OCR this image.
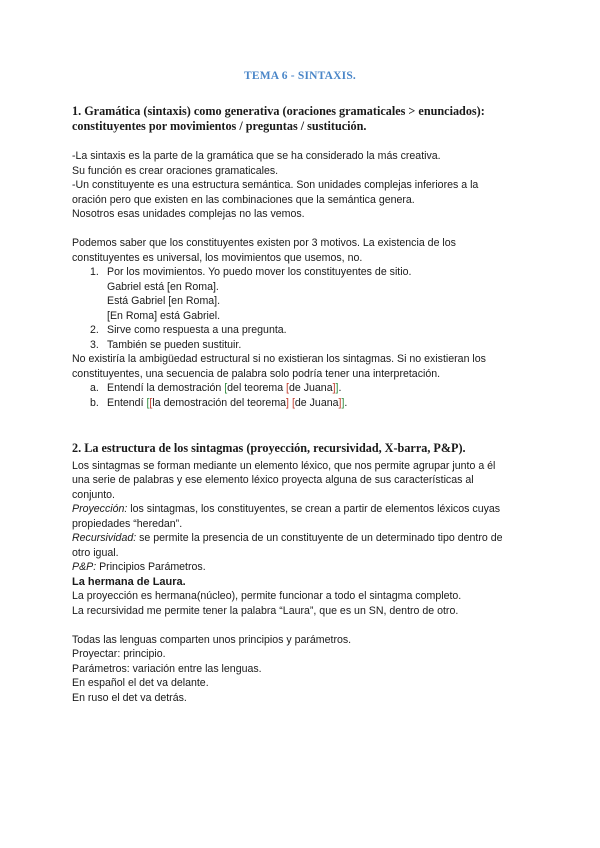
TEMA 6 - SINTAXIS.
1. Gramática (sintaxis) como generativa (oraciones gramaticales > enunciados):
constituyentes por movimientos / preguntas / sustitución.
-La sintaxis es la parte de la gramática que se ha considerado la más creativa.
Su función es crear oraciones gramaticales.
-Un constituyente es una estructura semántica. Son unidades complejas inferiores a la
oración pero que existen en las combinaciones que la semántica genera.
Nosotros esas unidades complejas no las vemos.
Podemos saber que los constituyentes existen por 3 motivos. La existencia de los
constituyentes es universal, los movimientos que usemos, no.
1. Por los movimientos. Yo puedo mover los constituyentes de sitio.
Gabriel está [en Roma].
Está Gabriel [en Roma].
[En Roma] está Gabriel.
2. Sirve como respuesta a una pregunta.
3. También se pueden sustituir.
No existiría la ambigüedad estructural si no existieran los sintagmas. Si no existieran los
constituyentes, una secuencia de palabra solo podría tener una interpretación.
a. Entendí la demostración [del teorema [de Juana]].
b. Entendí [[la demostración del teorema] [de Juana]].
2. La estructura de los sintagmas (proyección, recursividad, X-barra, P&P).
Los sintagmas se forman mediante un elemento léxico, que nos permite agrupar junto a él
una serie de palabras y ese elemento léxico proyecta alguna de sus características al
conjunto.
Proyección: los sintagmas, los constituyentes, se crean a partir de elementos léxicos cuyas
propiedades “heredan”.
Recursividad: se permite la presencia de un constituyente de un determinado tipo dentro de
otro igual.
P&P: Principios Parámetros.
La hermana de Laura.
La proyección es hermana(núcleo), permite funcionar a todo el sintagma completo.
La recursividad me permite tener la palabra “Laura”, que es un SN, dentro de otro.
Todas las lenguas comparten unos principios y parámetros.
Proyectar: principio.
Parámetros: variación entre las lenguas.
En español el det va delante.
En ruso el det va detrás.
